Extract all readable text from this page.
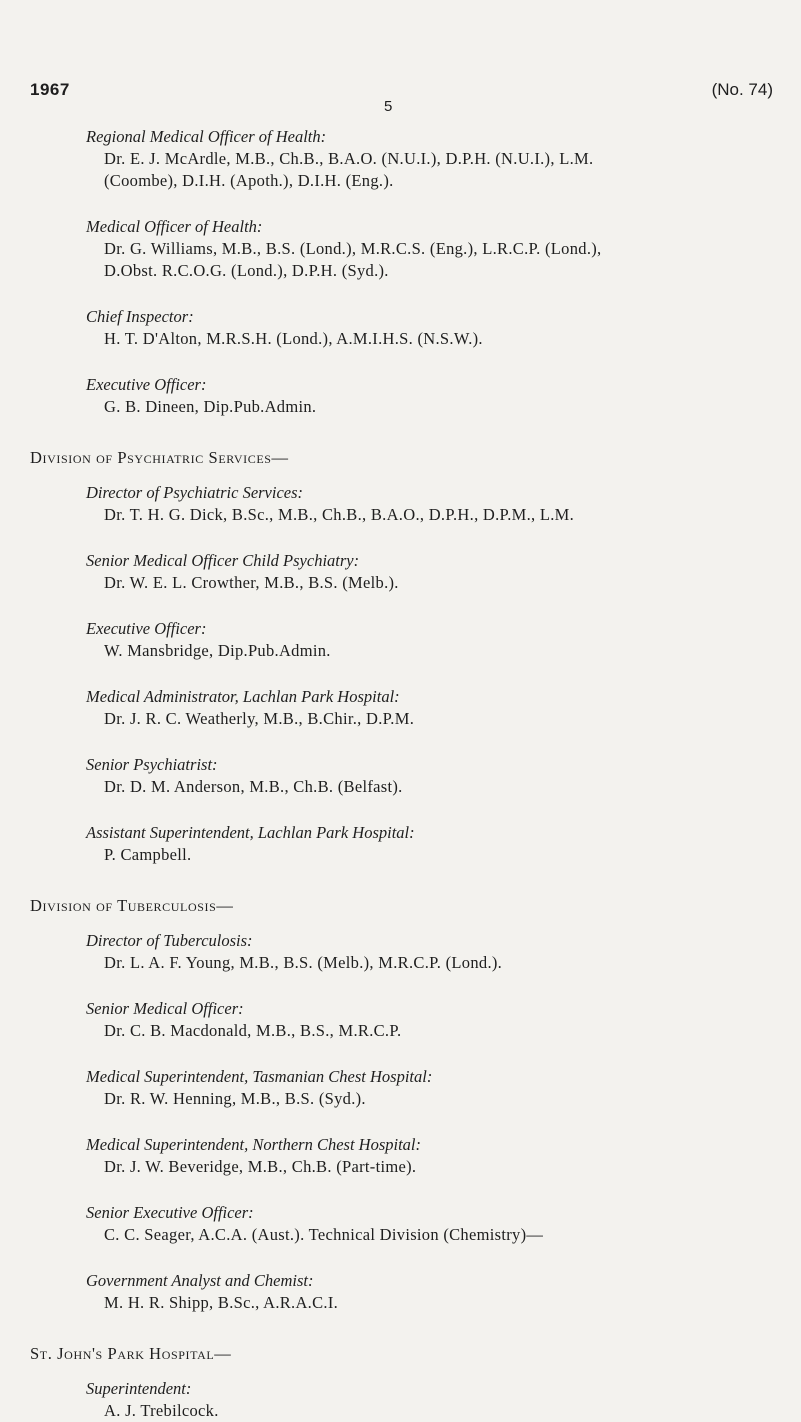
1967	(No. 74)
5
Regional Medical Officer of Health:
Dr. E. J. McArdle, M.B., Ch.B., B.A.O. (N.U.I.), D.P.H. (N.U.I.), L.M.
(Coombe), D.I.H. (Apoth.), D.I.H. (Eng.).
Medical Officer of Health:
Dr. G. Williams, M.B., B.S. (Lond.), M.R.C.S. (Eng.), L.R.C.P. (Lond.),
D.Obst. R.C.O.G. (Lond.), D.P.H. (Syd.).
Chief Inspector:
H. T. D'Alton, M.R.S.H. (Lond.), A.M.I.H.S. (N.S.W.).
Executive Officer:
G. B. Dineen, Dip.Pub.Admin.
Division of Psychiatric Services—
Director of Psychiatric Services:
Dr. T. H. G. Dick, B.Sc., M.B., Ch.B., B.A.O., D.P.H., D.P.M., L.M.
Senior Medical Officer Child Psychiatry:
Dr. W. E. L. Crowther, M.B., B.S. (Melb.).
Executive Officer:
W. Mansbridge, Dip.Pub.Admin.
Medical Administrator, Lachlan Park Hospital:
Dr. J. R. C. Weatherly, M.B., B.Chir., D.P.M.
Senior Psychiatrist:
Dr. D. M. Anderson, M.B., Ch.B. (Belfast).
Assistant Superintendent, Lachlan Park Hospital:
P. Campbell.
Division of Tuberculosis—
Director of Tuberculosis:
Dr. L. A. F. Young, M.B., B.S. (Melb.), M.R.C.P. (Lond.).
Senior Medical Officer:
Dr. C. B. Macdonald, M.B., B.S., M.R.C.P.
Medical Superintendent, Tasmanian Chest Hospital:
Dr. R. W. Henning, M.B., B.S. (Syd.).
Medical Superintendent, Northern Chest Hospital:
Dr. J. W. Beveridge, M.B., Ch.B. (Part-time).
Senior Executive Officer:
C. C. Seager, A.C.A. (Aust.). Technical Division (Chemistry)—
Government Analyst and Chemist:
M. H. R. Shipp, B.Sc., A.R.A.C.I.
St. John's Park Hospital—
Superintendent:
A. J. Trebilcock.
